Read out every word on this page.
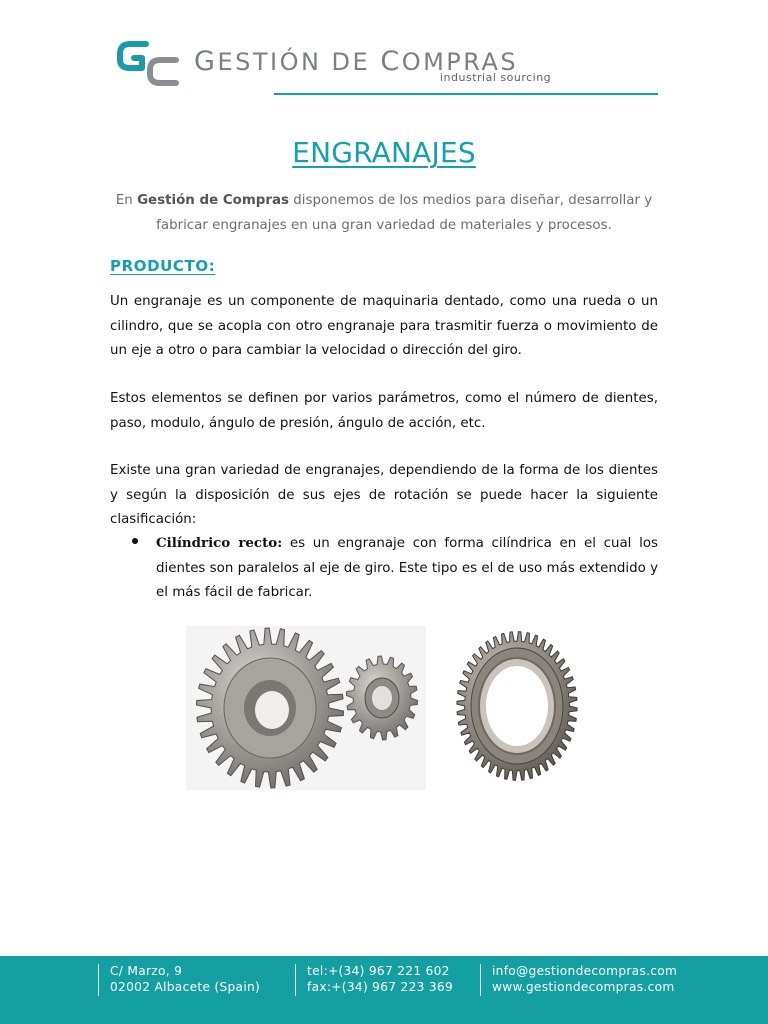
GESTIÓN DE COMPRAS
industrial sourcing
ENGRANAJES
En Gestión de Compras disponemos de los medios para diseñar, desarrollar y fabricar engranajes en una gran variedad de materiales y procesos.
PRODUCTO:

Un engranaje es un componente de maquinaria dentado, como una rueda o un cilindro, que se acopla con otro engranaje para trasmitir fuerza o movimiento de un eje a otro o para cambiar la velocidad o dirección del giro.

Estos elementos se definen por varios parámetros, como el número de dientes, paso, modulo, ángulo de presión, ángulo de acción, etc.

Existe una gran variedad de engranajes, dependiendo de la forma de los dientes y según la disposición de sus ejes de rotación se puede hacer la siguiente clasificación:

Cilíndrico recto: es un engranaje con forma cilíndrica en el cual los dientes son paralelos al eje de giro. Este tipo es el de uso más extendido y el más fácil de fabricar.
C/ Marzo, 9
02002 Albacete (Spain)
tel:+(34) 967 221 602
fax:+(34) 967 223 369
info@gestiondecompras.com
www.gestiondecompras.com
